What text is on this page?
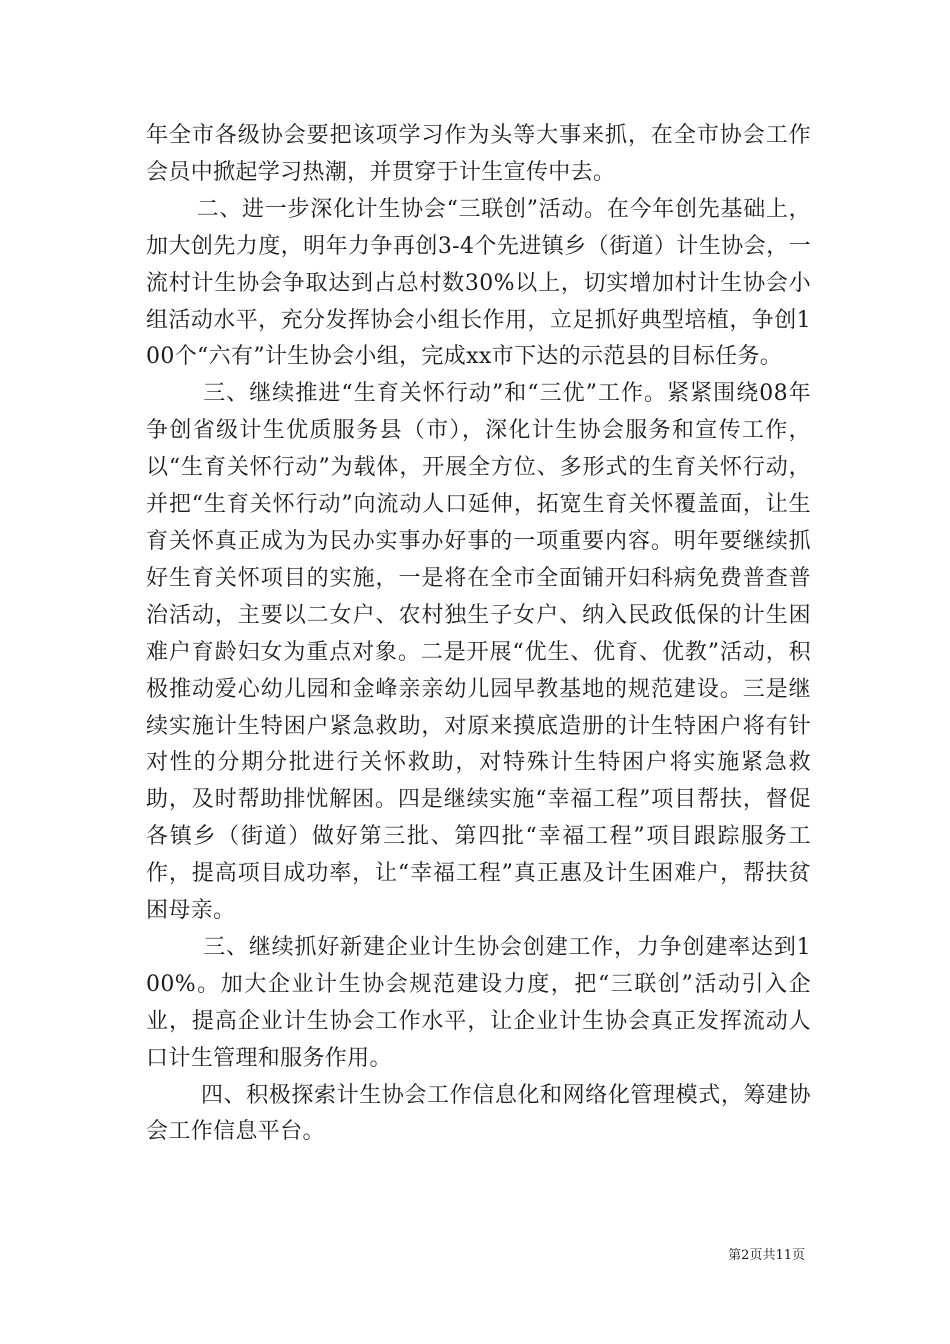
年全市各级协会要把该项学习作为头等大事来抓，在全市协会工作会员中掀起学习热潮，并贯穿于计生宣传中去。

二、进一步深化计生协会“三联创”活动。在今年创先基础上，加大创先力度，明年力争再创3-4个先进镇乡（街道）计生协会，一流村计生协会争取达到占总村数30%以上，切实增加村计生协会小组活动水平，充分发挥协会小组长作用，立足抓好典型培植，争创100个“六有”计生协会小组，完成xx市下达的示范县的目标任务。

三、继续推进“生育关怀行动”和“三优”工作。紧紧围绕08年争创省级计生优质服务县（市），深化计生协会服务和宣传工作，以“生育关怀行动”为载体，开展全方位、多形式的生育关怀行动，并把“生育关怀行动”向流动人口延伸，拓宽生育关怀覆盖面，让生育关怀真正成为为民办实事办好事的一项重要内容。明年要继续抓好生育关怀项目的实施，一是将在全市全面铺开妇科病免费普查普治活动，主要以二女户、农村独生子女户、纳入民政低保的计生困难户育龄妇女为重点对象。二是开展“优生、优育、优教”活动，积极推动爱心幼儿园和金峰亲亲幼儿园早教基地的规范建设。三是继续实施计生特困户紧急救助，对原来摸底造册的计生特困户将有针对性的分期分批进行关怀救助，对特殊计生特困户将实施紧急救助，及时帮助排忧解困。四是继续实施“幸福工程”项目帮扶，督促各镇乡（街道）做好第三批、第四批“幸福工程”项目跟踪服务工作，提高项目成功率，让“幸福工程”真正惠及计生困难户，帮扶贫困母亲。

三、继续抓好新建企业计生协会创建工作，力争创建率达到100%。加大企业计生协会规范建设力度，把“三联创”活动引入企业，提高企业计生协会工作水平，让企业计生协会真正发挥流动人口计生管理和服务作用。

四、积极探索计生协会工作信息化和网络化管理模式，筹建协会工作信息平台。

第2页共11页
